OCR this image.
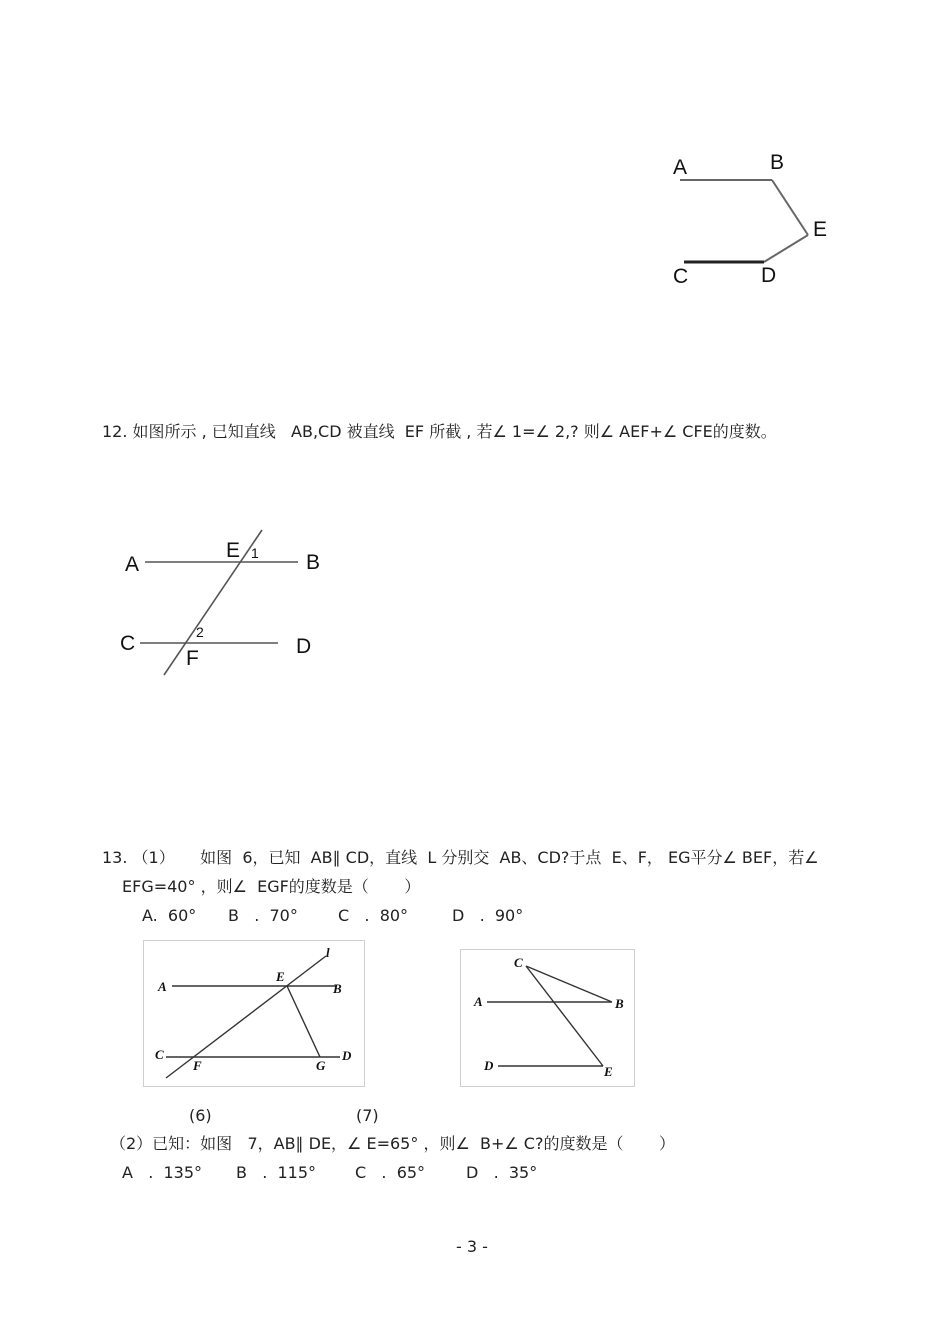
A	B
E
C	D
12. 如图所示 , 已知直线   AB,CD 被直线  EF 所截 , 若∠ 1=∠ 2,? 则∠ AEF+∠ CFE的度数。
A
E 1 B
C	2
D
F
13. （1）     如图  6，已知  AB∥ CD，直线  L 分别交  AB、CD?于点  E、F， EG平分∠ BEF，若∠
EFG=40° ，则∠  EGF的度数是（       ）
A.  60° B   .  70°	C   .  80°	D   .  90°
A
E
l
B
C	D
F	G
C
A	B
D	E
(6)	(7)
（2）已知：如图   7，AB∥ DE，∠ E=65° ，则∠  B+∠ C?的度数是（       ）
A   .  135° B   .  115° C   .  65°	D   .  35°
- 3 -
